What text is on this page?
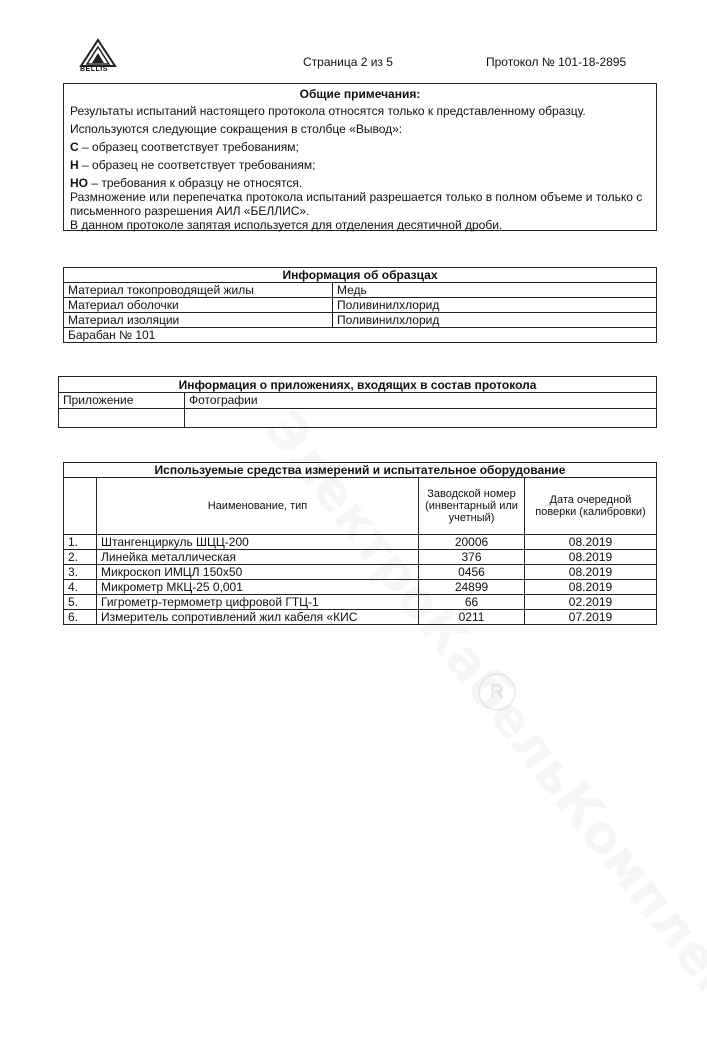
R
BELLIS
Страница 2 из 5	Протокол № 101-18-2895
Общие примечания:
Результаты испытаний настоящего протокола относятся только к представленному образцу.
Используются следующие сокращения в столбце «Вывод»:
С – образец соответствует требованиям;
Н – образец не соответствует требованиям;
НО – требования к образцу не относятся.
Размножение или перепечатка протокола испытаний разрешается только в полном объеме и только с
письменного разрешения АИЛ «БЕЛЛИС».
В данном протоколе запятая используется для отделения десятичной дроби.
Информация об образцах	
Материал токопроводящей жилы	Медь
Материал оболочки	Поливинилхлорид
Материал изоляции	Поливинилхлорид
Барабан № 101	
Информация о приложениях, входящих в состав протокола	
Приложение	Фотографии

Используемые средства измерений и испытательное оборудование			
	Наименование, тип	Заводской номер (инвентарный или учетный)	Дата очередной поверки (калибровки)
1.	Штангенциркуль ШЦЦ-200	20006	08.2019
2.	Линейка металлическая	376	08.2019
3.	Микроскоп ИМЦЛ 150х50	0456	08.2019
4.	Микрометр МКЦ-25 0,001	24899	08.2019
5.	Гигрометр-термометр цифровой ГТЦ-1	66	02.2019
6.	Измеритель сопротивлений жил кабеля «КИС	0211	07.2019
